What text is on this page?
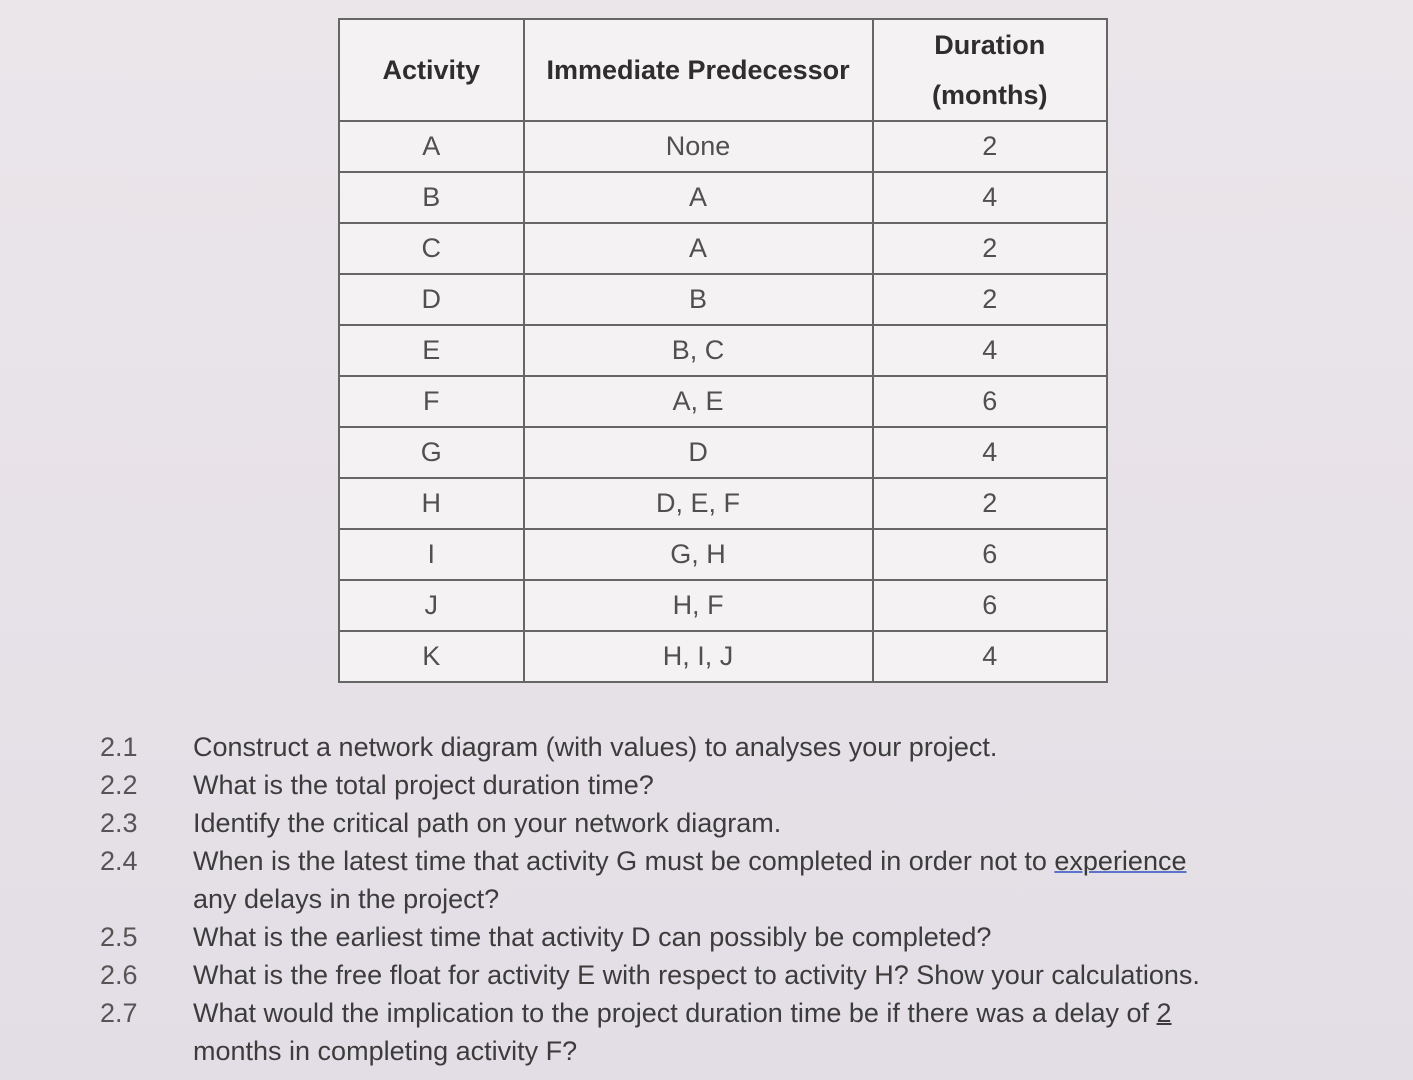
Activity	Immediate Predecessor	Duration
(months)

A	None	2
B	A	4
C	A	2
D	B	2
E	B, C	4
F	A, E	6
G	D	4
H	D, E, F	2
I	G, H	6
J	H, F	6
K	H, I, J	4
2.1	Construct a network diagram (with values) to analyses your project.
2.2	What is the total project duration time?
2.3	Identify the critical path on your network diagram.
2.4	When is the latest time that activity G must be completed in order not to experience
any delays in the project?
2.5	What is the earliest time that activity D can possibly be completed?
2.6	What is the free float for activity E with respect to activity H? Show your calculations.
2.7	What would the implication to the project duration time be if there was a delay of 2
months in completing activity F?
